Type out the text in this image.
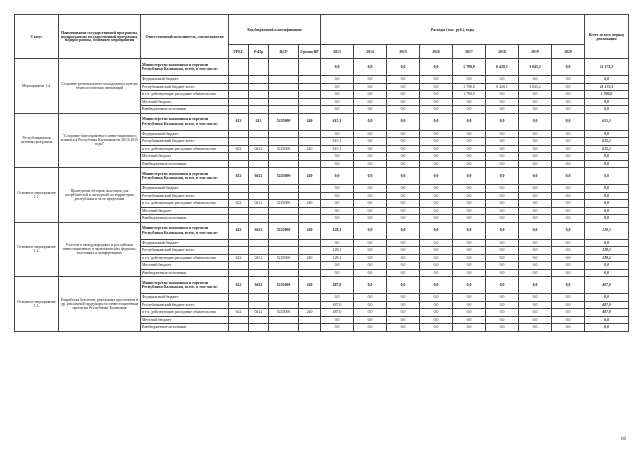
Статус	Наименование государственной программы, подпрограммы государственной программы, подпрограммы, основного мероприятия	Ответственный исполнитель, соисполнители	Код бюджетной классификации				Расходы (тыс. руб.), годы								Всего за весь период реализации
			ГРБС	РзПр	ЦСР	Группа ВР	2013	2014	2015	2016	2017	2018	2019	2020	
Мероприятие 1.4.	Создание регионального молодежного центра технологических инноваций	Министерство экономики и торговли Республики Калмыкия, всего, в том числе:					0,0	0,0	0,0	0,0	1 700,0	6 428,1	3 045,2	0,0	11 173,3
		Федеральный бюджет					0,0	0,0	0,0	0,0	0,0	0,0	0,0	0,0	0,0
		Республиканский бюджет всего					0,0	0,0	0,0	0,0	1 700,0	6 428,1	3 045,2	0,0	11 173,3
		в т.ч. действующие расходные обязательства					0,0	0,0	0,0	0,0	1 700,0	0,0	0,0	0,0	1 700,0
		Местный бюджет					0,0	0,0	0,0	0,0	0,0	0,0	0,0	0,0	0,0
		Внебюджетные источники					0,0	0,0	0,0	0,0	0,0	0,0	0,0	0,0	0,0
Республиканская целевая программа	"Создание благоприятного инвестиционного климата в Республике Калмыкия на 2013-2015 годы"	Министерство экономики и торговли Республики Калмыкия, всего, в том числе:	612	412	5225000	240	615,1	0,0	0,0	0,0	0,0	0,0	0,0	0,0	615,1
		Федеральный бюджет					0,0	0,0	0,0	0,0	0,0	0,0	0,0	0,0	0,0
		Республиканский бюджет всего					615,1	0,0	0,0	0,0	0,0	0,0	0,0	0,0	615,1
		в т.ч. действующие расходные обязательства	622	0412	5225000	240	615,1	0,0	0,0	0,0	0,0	0,0	0,0	0,0	615,1
		Местный бюджет					0,0	0,0	0,0	0,0	0,0	0,0	0,0	0,0	0,0
		Внебюджетные источники					0,0	0,0	0,0	0,0	0,0	0,0	0,0	0,0	0,0
Основное мероприятие 1.1.	Проведение обзоров, выставок для потребителей и экскурсий по территории республики и за ее пределами	Министерство экономики и торговли Республики Калмыкия, всего, в том числе:	622	0412	5225000	240	0,0	0,0	0,0	0,0	0,0	0,0	0,0	0,0	0,0
		Федеральный бюджет					0,0	0,0	0,0	0,0	0,0	0,0	0,0	0,0	0,0
		Республиканский бюджет всего					0,0	0,0	0,0	0,0	0,0	0,0	0,0	0,0	0,0
		в т.ч. действующие расходные обязательства	622	0412	5225000	240	0,0	0,0	0,0	0,0	0,0	0,0	0,0	0,0	0,0
		Местный бюджет					0,0	0,0	0,0	0,0	0,0	0,0	0,0	0,0	0,0
		Внебюджетные источники					0,0	0,0	0,0	0,0	0,0	0,0	0,0	0,0	0,0
Основное мероприятие 1.2.	Участие в международных и российских инвестиционных и экономических форумах, выставках и конференциях	Министерство экономики и торговли Республики Калмыкия, всего, в том числе:	622	0412	5225000	240	128,1	0,0	0,0	0,0	0,0	0,0	0,0	0,0	128,1
		Федеральный бюджет					0,0	0,0	0,0	0,0	0,0	0,0	0,0	0,0	0,0
		Республиканский бюджет всего					128,1	0,0	0,0	0,0	0,0	0,0	0,0	0,0	128,1
		в т.ч. действующие расходные обязательства	622	0412	5225000	240	128,1	0,0	0,0	0,0	0,0	0,0	0,0	0,0	128,1
		Местный бюджет					0,0	0,0	0,0	0,0	0,0	0,0	0,0	0,0	0,0
		Внебюджетные источники					0,0	0,0	0,0	0,0	0,0	0,0	0,0	0,0	0,0
Основное мероприятие 1.3.	Разработка буклетов, рекламных проспектов и др. рекламной продукции по инвестиционным проектам Республики Калмыкия	Министерство экономики и торговли Республики Калмыкия, всего, в том числе:	622	0412	5225000	240	487,0	0,0	0,0	0,0	0,0	0,0	0,0	0,0	487,0
		Федеральный бюджет					0,0	0,0	0,0	0,0	0,0	0,0	0,0	0,0	0,0
		Республиканский бюджет всего					487,0	0,0	0,0	0,0	0,0	0,0	0,0	0,0	487,0
		в т.ч. действующие расходные обязательства	622	0412	5225000	240	487,0	0,0	0,0	0,0	0,0	0,0	0,0	0,0	487,0
		Местный бюджет					0,0	0,0	0,0	0,0	0,0	0,0	0,0	0,0	0,0
		Внебюджетные источники					0,0	0,0	0,0	0,0	0,0	0,0	0,0	0,0	0,0
66
